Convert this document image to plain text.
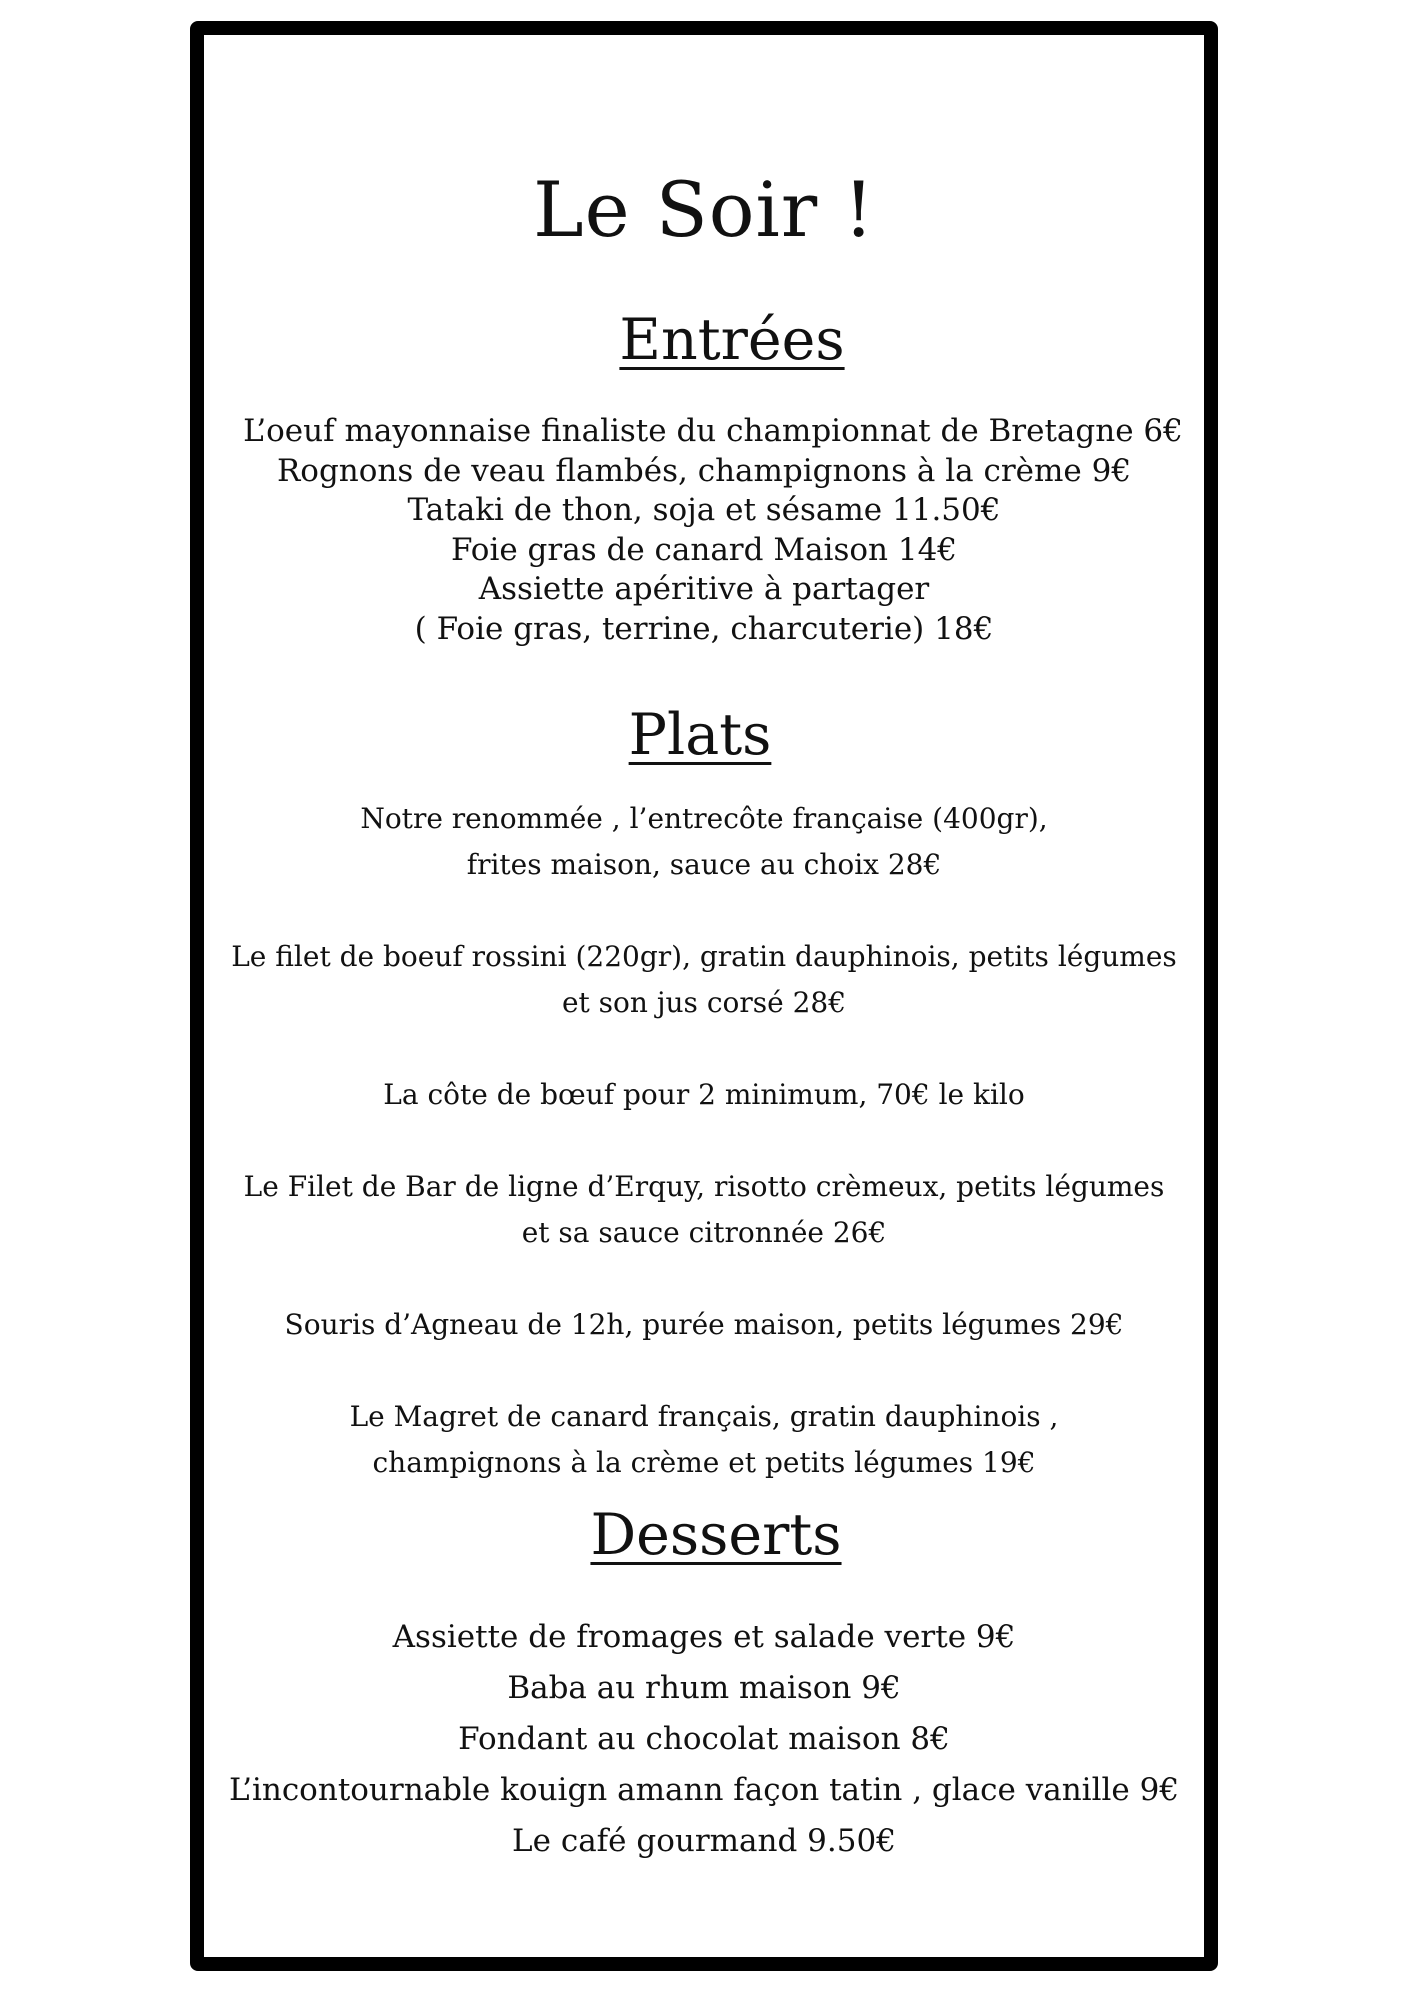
Le Soir !
Entrées
L’oeuf mayonnaise finaliste du championnat de Bretagne 6€
Rognons de veau flambés, champignons à la crème 9€
Tataki de thon, soja et sésame 11.50€
Foie gras de canard Maison 14€
Assiette apéritive à partager
( Foie gras, terrine, charcuterie) 18€
Plats
Notre renommée , l’entrecôte française (400gr),
frites maison, sauce au choix 28€
Le filet de boeuf rossini (220gr), gratin dauphinois, petits légumes
et son jus corsé 28€
La côte de bœuf pour 2 minimum, 70€ le kilo
Le Filet de Bar de ligne d’Erquy, risotto crèmeux, petits légumes
et sa sauce citronnée 26€
Souris d’Agneau de 12h, purée maison, petits légumes 29€
Le Magret de canard français, gratin dauphinois ,
champignons à la crème et petits légumes 19€
Desserts
Assiette de fromages et salade verte 9€
Baba au rhum maison 9€
Fondant au chocolat maison 8€
L’incontournable kouign amann façon tatin , glace vanille 9€
Le café gourmand 9.50€
